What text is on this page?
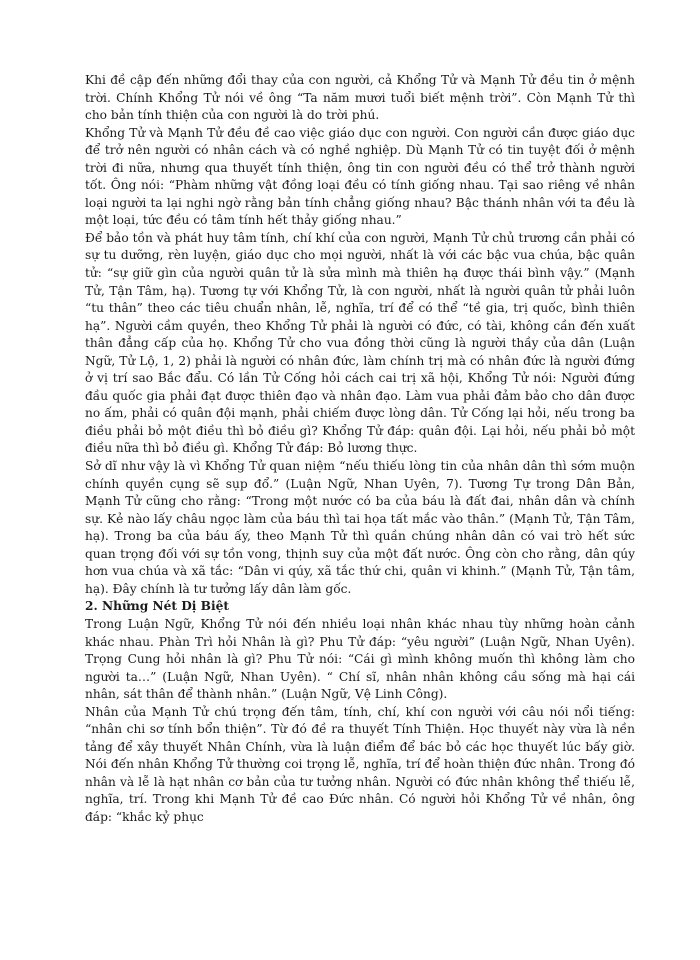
Khi đề cập đến những đổi thay của con người, cả Khổng Tử và Mạnh Tử đều tin ở mệnh trời. Chính Khổng Tử nói về ông “Ta năm mươi tuổi biết mệnh trời”. Còn Mạnh Tử thì cho bản tính thiện của con người là do trời phú.

Khổng Tử và Mạnh Tử đều đề cao việc giáo dục con người. Con người cần được giáo dục để trở nên người có nhân cách và có nghề nghiệp. Dù Mạnh Tử có tin tuyệt đối ở mệnh trời đi nữa, nhưng qua thuyết tính thiện, ông tin con người đều có thể trở thành người tốt. Ông nói: “Phàm những vật đồng loại đều có tính giống nhau. Tại sao riêng về nhân loại người ta lại nghi ngờ rằng bản tính chẳng giống nhau? Bậc thánh nhân với ta đều là một loại, tức đều có tâm tính hết thảy giống nhau.”

Để bảo tồn và phát huy tâm tính, chí khí của con người, Mạnh Tử chủ trương cần phải có sự tu dưỡng, rèn luyện, giáo dục cho mọi người, nhất là với các bậc vua chúa, bậc quân tử: “sự giữ gìn của người quân tử là sửa mình mà thiên hạ được thái bình vậy.” (Mạnh Tử, Tận Tâm, hạ). Tương tự với Khổng Tử, là con người, nhất là người quân tử phải luôn “tu thân” theo các tiêu chuẩn nhân, lễ, nghĩa, trí để có thể “tề gia, trị quốc, bình thiên hạ”. Người cầm quyền, theo Khổng Tử phải là người có đức, có tài, không cần đến xuất thân đẳng cấp của họ. Khổng Tử cho vua đồng thời cũng là người thầy của dân (Luận Ngữ, Tử Lộ, 1, 2) phải là người có nhân đức, làm chính trị mà có nhân đức là người đứng ở vị trí sao Bắc đẩu. Có lần Tử Cống hỏi cách cai trị xã hội, Khổng Tử nói: Người đứng đầu quốc gia phải đạt được thiên đạo và nhân đạo. Làm vua phải đảm bảo cho dân được no ấm, phải có quân đội mạnh, phải chiếm được lòng dân. Tử Cống lại hỏi, nếu trong ba điều phải bỏ một điều thì bỏ điều gì? Khổng Tử đáp: quân đội. Lại hỏi, nếu phải bỏ một điều nữa thì bỏ điều gì. Khổng Tử đáp: Bỏ lương thực.

Sở dĩ như vậy là vì Khổng Tử quan niệm “nếu thiếu lòng tin của nhân dân thì sớm muộn chính quyền cụng sẽ sụp đổ.” (Luận Ngữ, Nhan Uyên, 7). Tương Tự trong Dân Bản, Mạnh Tử cũng cho rằng: “Trong một nước có ba của báu là đất đai, nhân dân và chính sự. Kẻ nào lấy châu ngọc làm của báu thì tai họa tất mắc vào thân.” (Mạnh Tử, Tận Tâm, hạ). Trong ba của báu ấy, theo Mạnh Tử thì quần chúng nhân dân có vai trò hết sức quan trọng đối với sự tồn vong, thịnh suy của một đất nước. Ông còn cho rằng, dân qúy hơn vua chúa và xã tắc: “Dân vi qúy, xã tắc thứ chi, quân vi khinh.” (Mạnh Tử, Tận tâm, hạ). Đây chính là tư tưởng lấy dân làm gốc.

2. Những Nét Dị Biệt

Trong Luận Ngữ, Khổng Tử nói đến nhiều loại nhân khác nhau tùy những hoàn cảnh khác nhau. Phàn Trì hỏi Nhân là gì? Phu Tử đáp: “yêu người” (Luận Ngữ, Nhan Uyên). Trọng Cung hỏi nhân là gì? Phu Tử nói: “Cái gì mình không muốn thì không làm cho người ta…” (Luận Ngữ, Nhan Uyên). “ Chí sĩ, nhân nhân không cầu sống mà hại cái nhân, sát thân để thành nhân.” (Luận Ngữ, Vệ Linh Công).

Nhân của Mạnh Tử chú trọng đến tâm, tính, chí, khí con người với câu nói nổi tiếng: “nhân chi sơ tính bổn thiện”. Từ đó đề ra thuyết Tính Thiện. Học thuyết này vừa là nền tảng để xây thuyết Nhân Chính, vừa là luận điểm để bác bỏ các học thuyết lúc bấy giờ. Nói đến nhân Khổng Tử thường coi trọng lễ, nghĩa, trí để hoàn thiện đức nhân. Trong đó nhân và lễ là hạt nhân cơ bản của tư tưởng nhân. Người có đức nhân không thể thiếu lễ, nghĩa, trí. Trong khi Mạnh Tử đề cao Đức nhân. Có người hỏi Khổng Tử về nhân, ông đáp: “khắc kỷ phục
